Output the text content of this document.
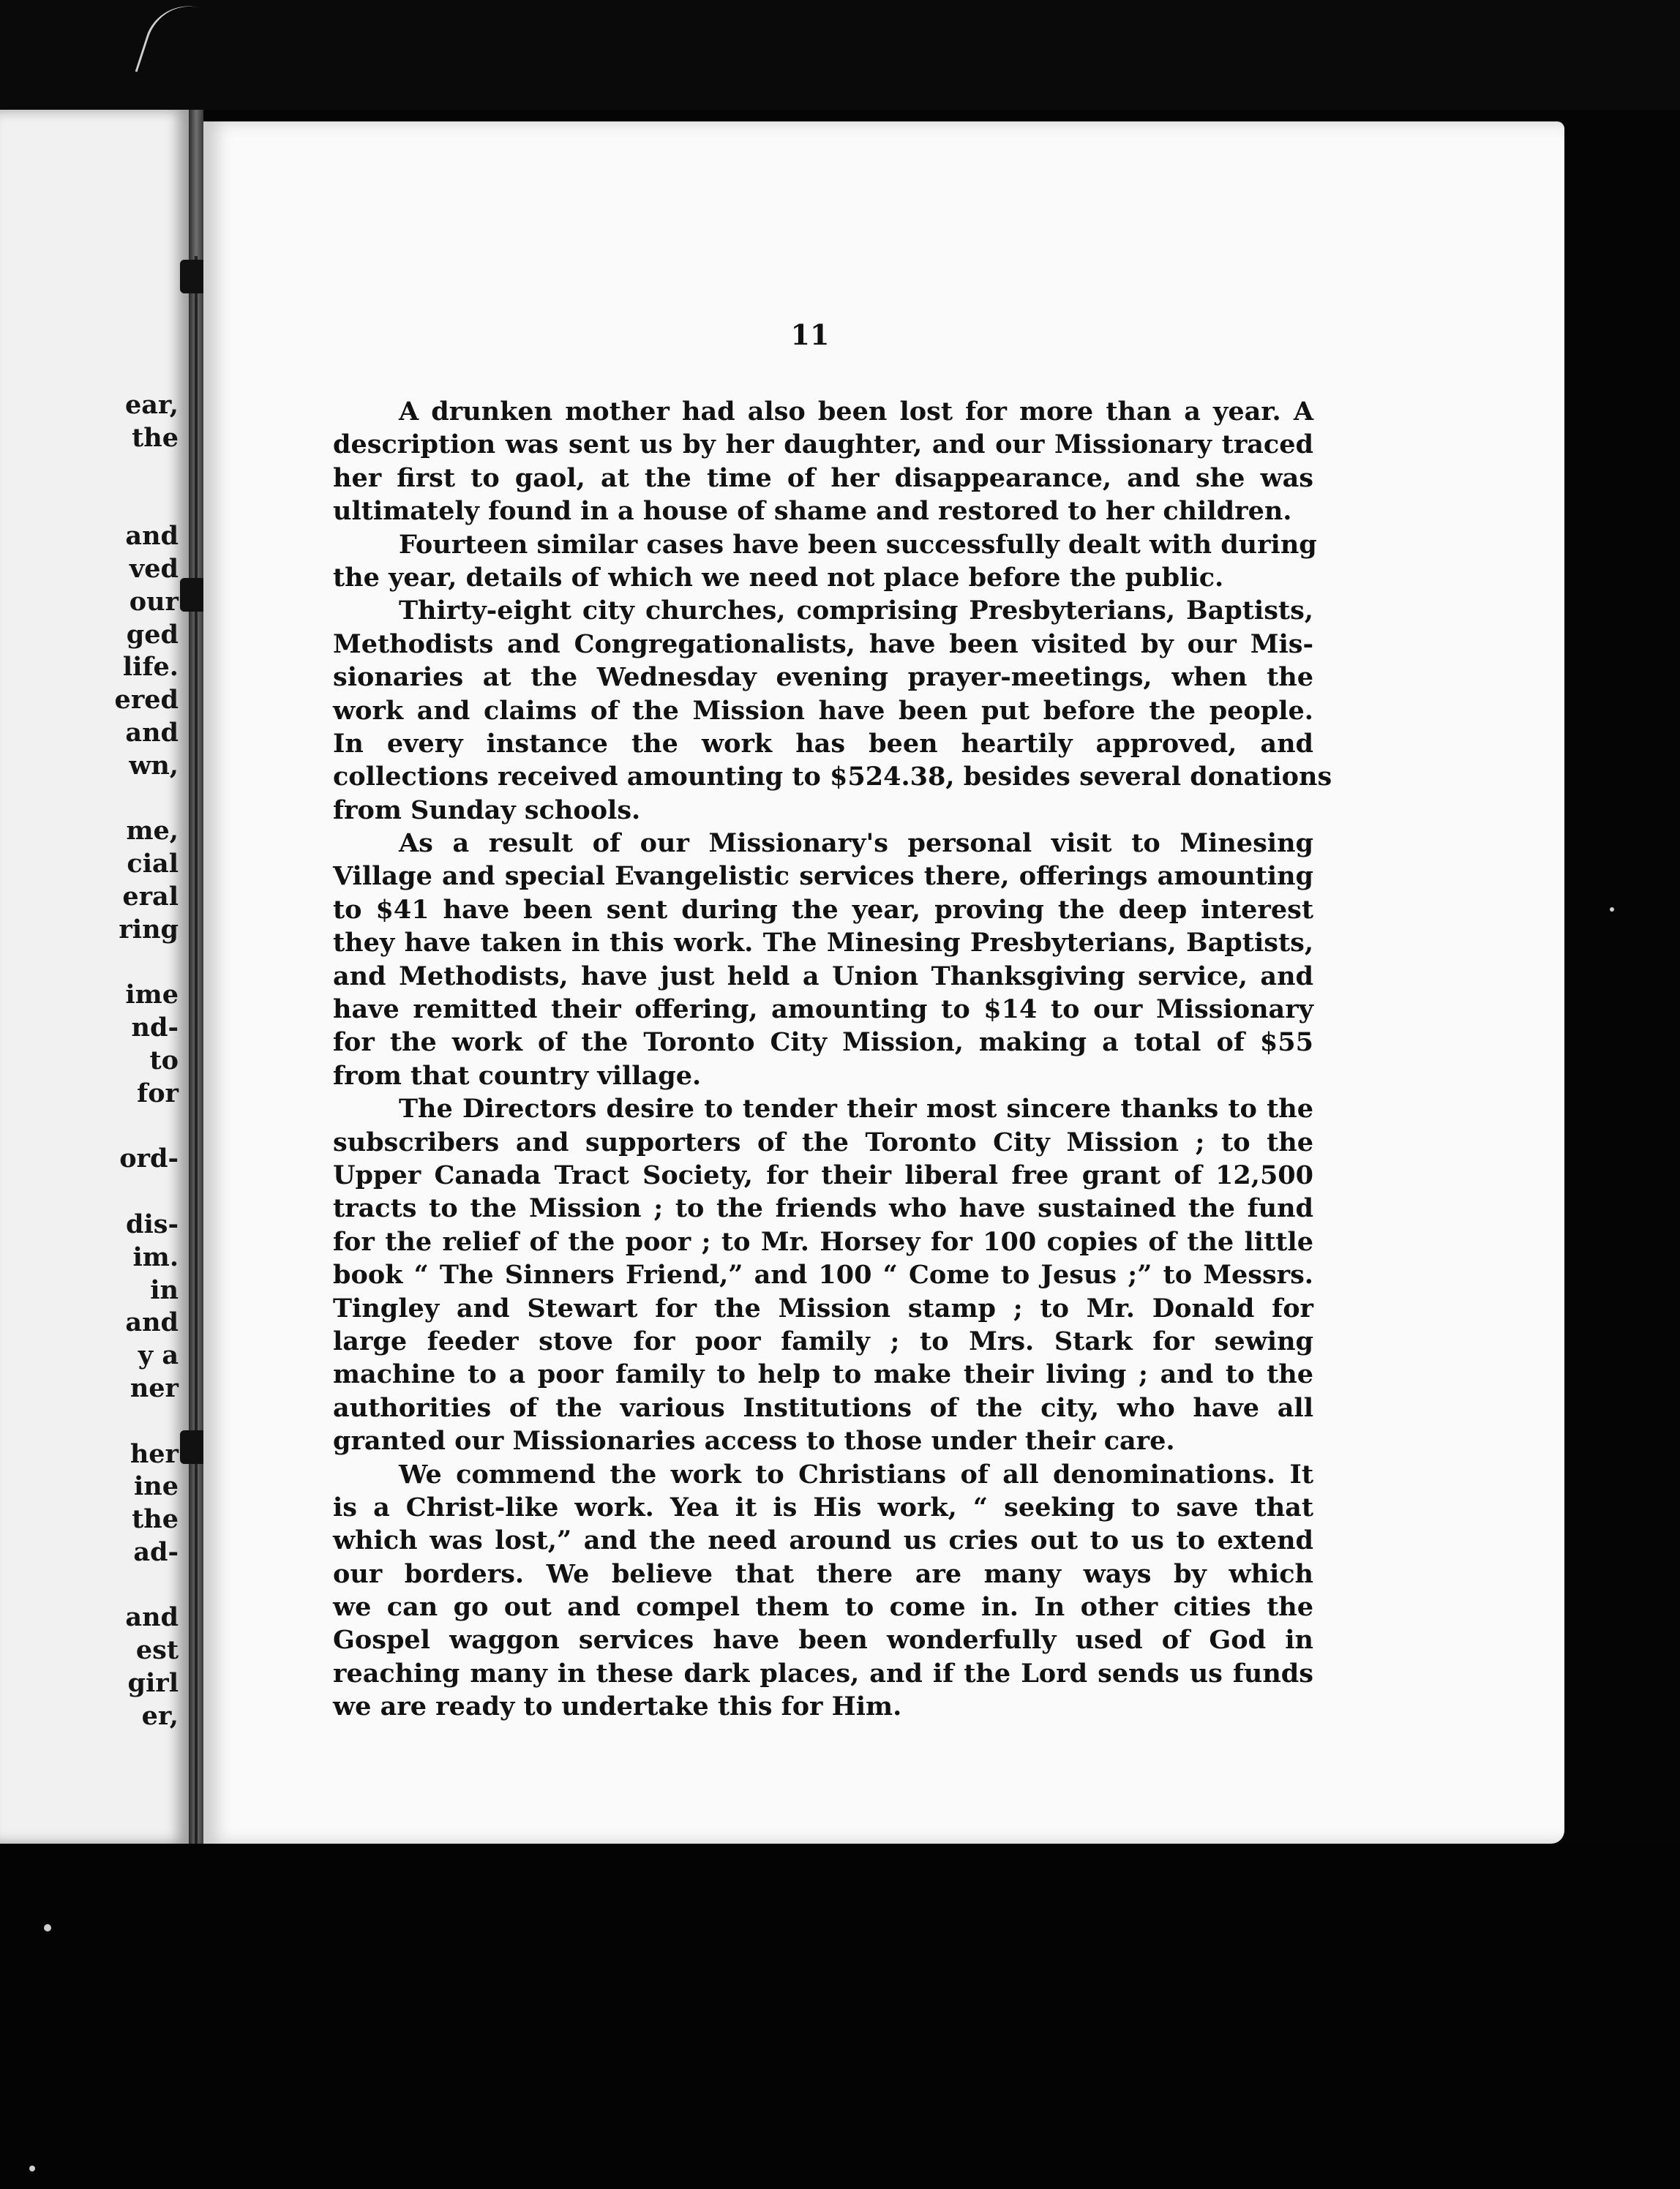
ear,
the
and
ved
our
ged
life.
ered
and
wn,
me,
cial
eral
ring
ime
nd-
to
for
ord-
dis-
im.
in
and
y a
ner
her
ine
the
ad-
and
est
girl
er,
11
A drunken mother had also been lost for more than a year. A
description was sent us by her daughter, and our Missionary traced
her first to gaol, at the time of her disappearance, and she was
ultimately found in a house of shame and restored to her children.
Fourteen similar cases have been successfully dealt with during
the year, details of which we need not place before the public.
Thirty-eight city churches, comprising Presbyterians, Baptists,
Methodists and Congregationalists, have been visited by our Mis-
sionaries at the Wednesday evening prayer-meetings, when the
work and claims of the Mission have been put before the people.
In every instance the work has been heartily approved, and
collections received amounting to $524.38, besides several donations
from Sunday schools.
As a result of our Missionary's personal visit to Minesing
Village and special Evangelistic services there, offerings amounting
to $41 have been sent during the year, proving the deep interest
they have taken in this work. The Minesing Presbyterians, Baptists,
and Methodists, have just held a Union Thanksgiving service, and
have remitted their offering, amounting to $14 to our Missionary
for the work of the Toronto City Mission, making a total of $55
from that country village.
The Directors desire to tender their most sincere thanks to the
subscribers and supporters of the Toronto City Mission ; to the
Upper Canada Tract Society, for their liberal free grant of 12,500
tracts to the Mission ; to the friends who have sustained the fund
for the relief of the poor ; to Mr. Horsey for 100 copies of the little
book “ The Sinners Friend,” and 100 “ Come to Jesus ;” to Messrs.
Tingley and Stewart for the Mission stamp ; to Mr. Donald for
large feeder stove for poor family ; to Mrs. Stark for sewing
machine to a poor family to help to make their living ; and to the
authorities of the various Institutions of the city, who have all
granted our Missionaries access to those under their care.
We commend the work to Christians of all denominations. It
is a Christ-like work. Yea it is His work, “ seeking to save that
which was lost,” and the need around us cries out to us to extend
our borders. We believe that there are many ways by which
we can go out and compel them to come in. In other cities the
Gospel waggon services have been wonderfully used of God in
reaching many in these dark places, and if the Lord sends us funds
we are ready to undertake this for Him.
